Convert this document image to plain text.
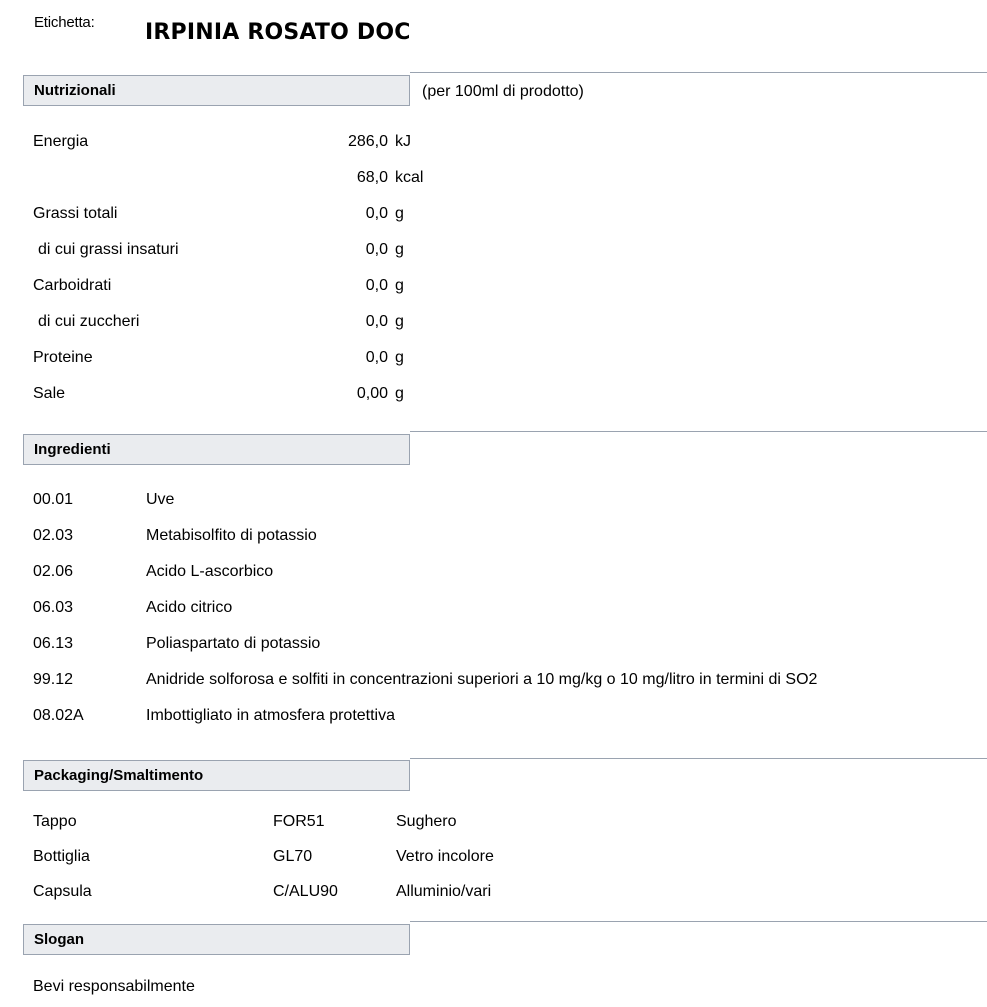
Etichetta: IRPINIA ROSATO DOC
Nutrizionali	(per 100ml di prodotto)
Energia	286,0 kJ
68,0 kcal
Grassi totali	0,0 g
di cui grassi insaturi	0,0 g
Carboidrati	0,0 g
di cui zuccheri	0,0 g
Proteine	0,0 g
Sale	0,00 g
Ingredienti
00.01	Uve
02.03	Metabisolfito di potassio
02.06	Acido L-ascorbico
06.03	Acido citrico
06.13	Poliaspartato di potassio
99.12	Anidride solforosa e solfiti in concentrazioni superiori a 10 mg/kg o 10 mg/litro in termini di SO2
08.02A	Imbottigliato in atmosfera protettiva
Packaging/Smaltimento
Tappo	FOR51	Sughero
Bottiglia	GL70	Vetro incolore
Capsula	C/ALU90	Alluminio/vari
Slogan
Bevi responsabilmente
